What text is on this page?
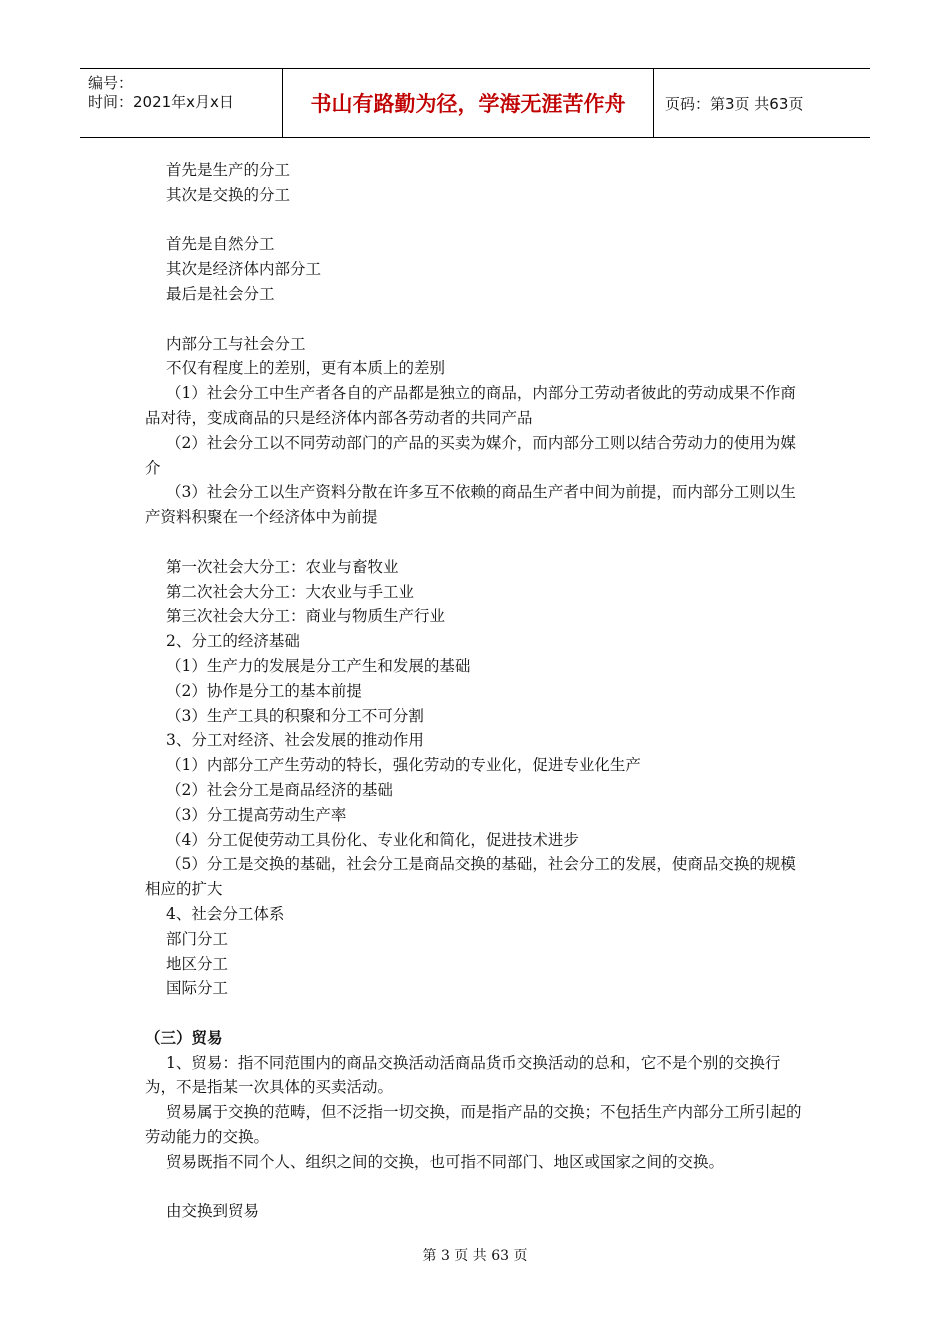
编号：
时间：2021年x月x日	书山有路勤为径，学海无涯苦作舟	页码：第3页 共63页

首先是生产的分工

其次是交换的分工

首先是自然分工

其次是经济体内部分工

最后是社会分工

内部分工与社会分工

不仅有程度上的差别，更有本质上的差别

（1）社会分工中生产者各自的产品都是独立的商品，内部分工劳动者彼此的劳动成果不作商品对待，变成商品的只是经济体内部各劳动者的共同产品

（2）社会分工以不同劳动部门的产品的买卖为媒介，而内部分工则以结合劳动力的使用为媒介

（3）社会分工以生产资料分散在许多互不依赖的商品生产者中间为前提，而内部分工则以生产资料积聚在一个经济体中为前提

第一次社会大分工：农业与畜牧业

第二次社会大分工：大农业与手工业

第三次社会大分工：商业与物质生产行业

2、分工的经济基础

（1）生产力的发展是分工产生和发展的基础

（2）协作是分工的基本前提

（3）生产工具的积聚和分工不可分割

3、分工对经济、社会发展的推动作用

（1）内部分工产生劳动的特长，强化劳动的专业化，促进专业化生产

（2）社会分工是商品经济的基础

（3）分工提高劳动生产率

（4）分工促使劳动工具份化、专业化和简化，促进技术进步

（5）分工是交换的基础，社会分工是商品交换的基础，社会分工的发展，使商品交换的规模相应的扩大

4、社会分工体系

部门分工

地区分工

国际分工

（三）贸易

1、贸易：指不同范围内的商品交换活动活商品货币交换活动的总和，它不是个别的交换行为，不是指某一次具体的买卖活动。

贸易属于交换的范畴，但不泛指一切交换，而是指产品的交换；不包括生产内部分工所引起的劳动能力的交换。

贸易既指不同个人、组织之间的交换，也可指不同部门、地区或国家之间的交换。

由交换到贸易

第 3 页 共 63 页
